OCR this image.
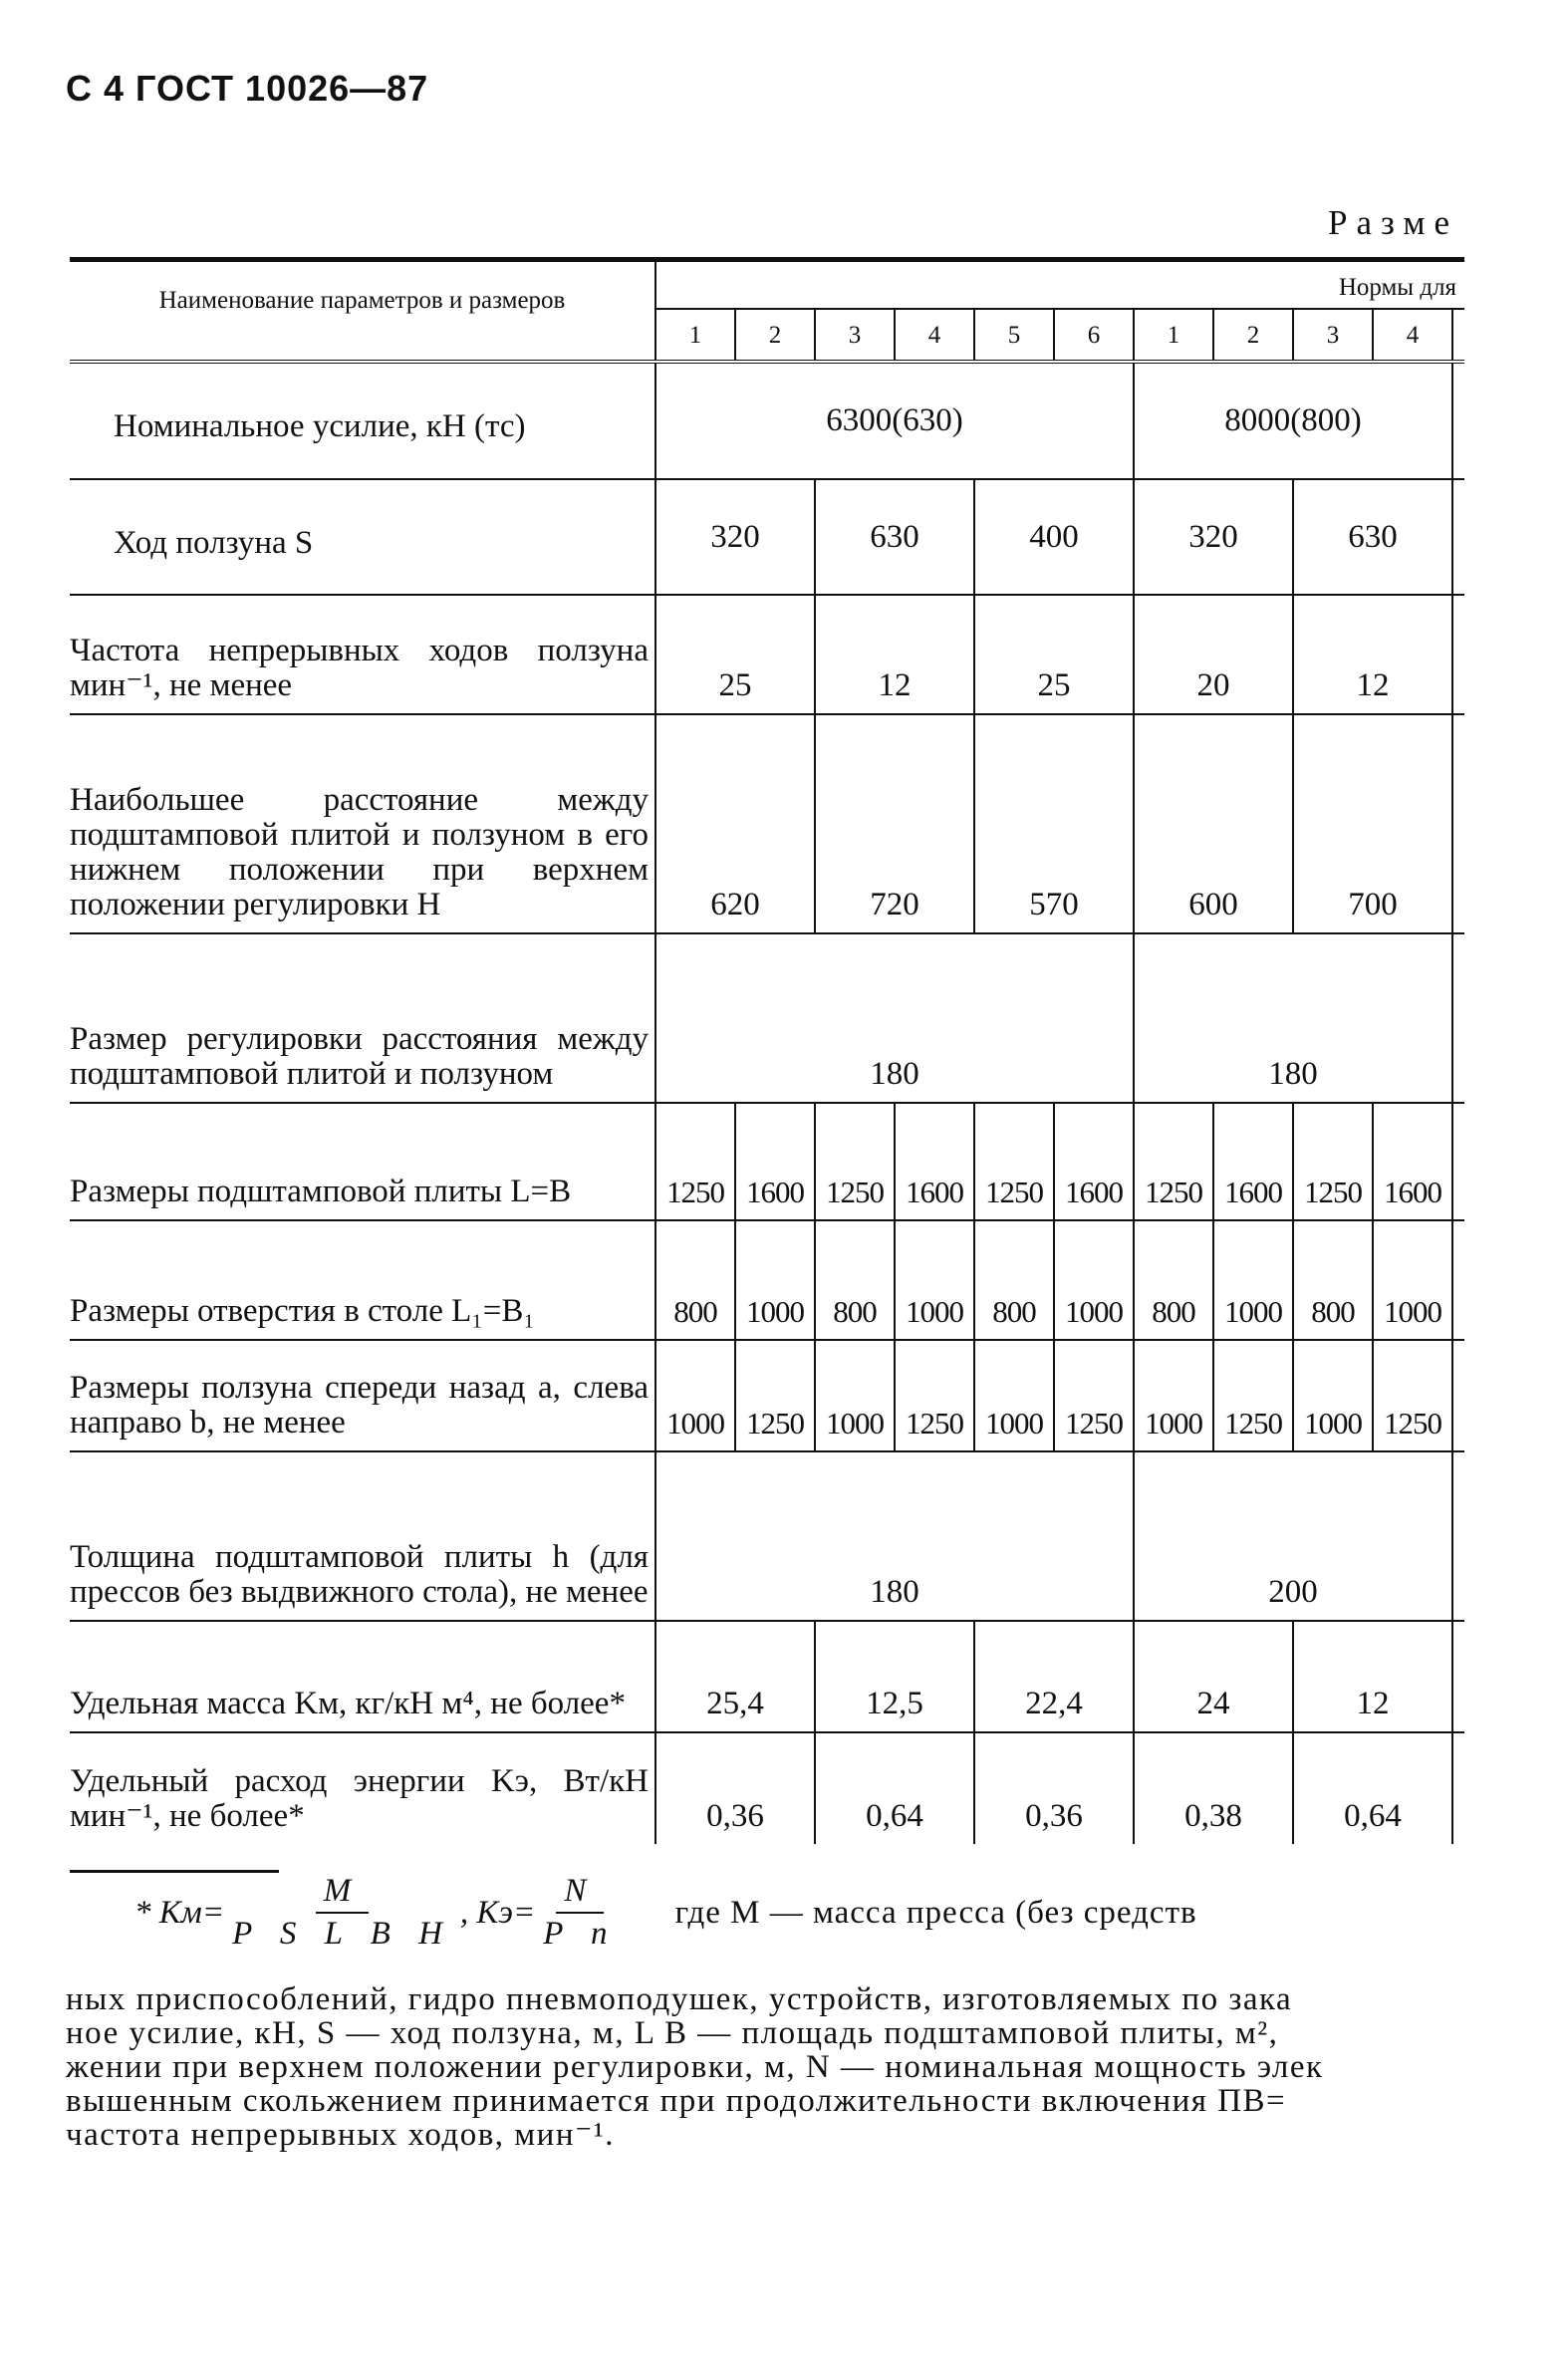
С 4 ГОСТ 10026—87
Разме
Наименование параметров и размеров	Нормы для										
	1	2	3	4	5	6	1	2	3	4	
Номинальное усилие, кН (тс)	6300(630)						8000(800)				
Ход ползуна S	320		630		400		320		630		
Частота непрерывных ходов ползуна мин⁻¹, не менее	25		12		25		20		12		
Наибольшее расстояние между подштамповой плитой и ползуном в его нижнем положении при верхнем положении регулировки H	620		720		570		600		700		
Размер регулировки расстояния между подштамповой плитой и ползуном	180						180				
Размеры подштамповой плиты L=B	1250	1600	1250	1600	1250	1600	1250	1600	1250	1600	
Размеры отверстия в столе L₁=B₁	800	1000	800	1000	800	1000	800	1000	800	1000	
Размеры ползуна спереди назад a, слева направо b, не менее	1000	1250	1000	1250	1000	1250	1000	1250	1000	1250	
Толщина подштамповой плиты h (для прессов без выдвижного стола), не менее	180						200				
Удельная масса Kм, кг/кН м⁴, не более*	25,4		12,5		22,4		24		12		
Удельный расход энергии Kэ, Вт/кН мин⁻¹, не более*	0,36		0,64		0,36		0,38		0,64		
* $Kм= \frac{M}{\text{P S L B H}}$ , $Kэ= \frac{N}{\text{P n}}$ где M — масса пресса (без средств
ных приспособлений, гидро пневмоподушек, устройств, изготовляемых по зака
ное усилие, кН, S — ход ползуна, м, L B — площадь подштамповой плиты, м²,
жении при верхнем положении регулировки, м, N — номинальная мощность элек
вышенным скольжением принимается при продолжительности включения ПВ=
частота непрерывных ходов, мин⁻¹.
